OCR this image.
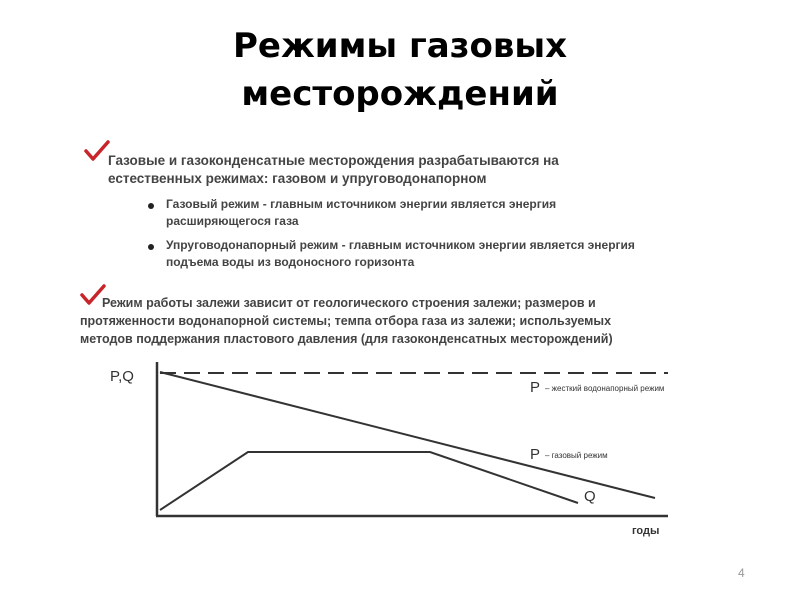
Режимы газовых
месторождений
Газовые и газоконденсатные месторождения разрабатываются на
естественных режимах: газовом и упруговодонапорном
Газовый режим - главным источником энергии является энергия
расширяющегося газа
Упруговодонапорный режим - главным источником энергии является энергия
подъема воды из водоносного горизонта
Режим работы залежи зависит от геологического строения залежи; размеров и
протяженности водонапорной системы; темпа отбора газа из залежи; используемых
методов поддержания пластового давления (для газоконденсатных месторождений)
P,Q
годы
P – жесткий водонапорный режим
P – газовый режим
Q
4
